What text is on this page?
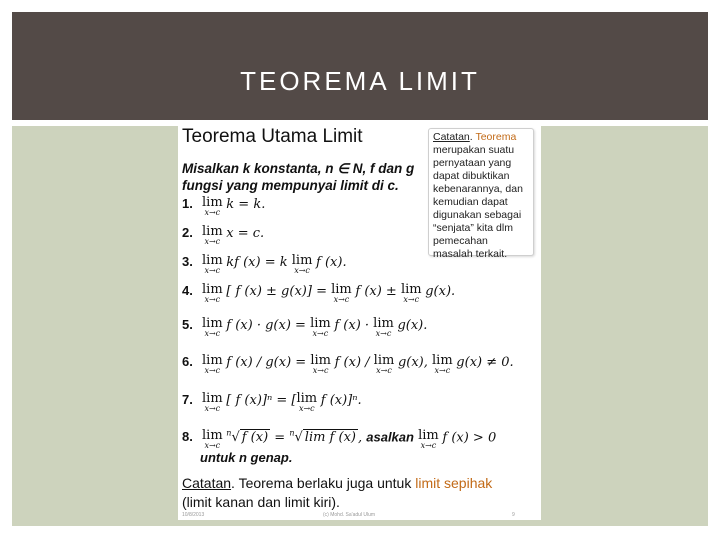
TEOREMA LIMIT
Teorema Utama Limit	Catatan. Teorema merupakan suatu pernyataan yang dapat dibuktikan kebenarannya, dan kemudian dapat digunakan sebagai “senjata” kita dlm pemecahan masalah terkait.
Misalkan k konstanta, n ∈ N, f dan g fungsi yang mempunyai limit di c.
1. lim
x→c
k = k.
2. lim
x→c
x = c.
3. lim
x→c
kf (x) = k lim
x→c
f (x).
4. lim
x→c
[ f (x) ± g(x)] = lim
x→c
f (x) ± lim
x→c
g(x).
5. lim
x→c
f (x) · g(x) = lim
x→c
f (x) · lim
x→c
g(x).
6. lim
x→c
f (x) / g(x) = lim
x→c
f (x) / lim
x→c
g(x), lim
x→c
g(x) ≠ 0.
7. lim
x→c
[ f (x)]ⁿ = [lim
x→c
f (x)]ⁿ.
8. lim
x→c
$^n$√ f (x) = $^n$√ lim f (x) , asalkan lim
x→c
f (x) > 0
untuk n genap.
Catatan. Teorema berlaku juga untuk limit sepihak
(limit kanan dan limit kiri).
10/8/2013	(c) Mohd. Sa'adul Ulum	9
